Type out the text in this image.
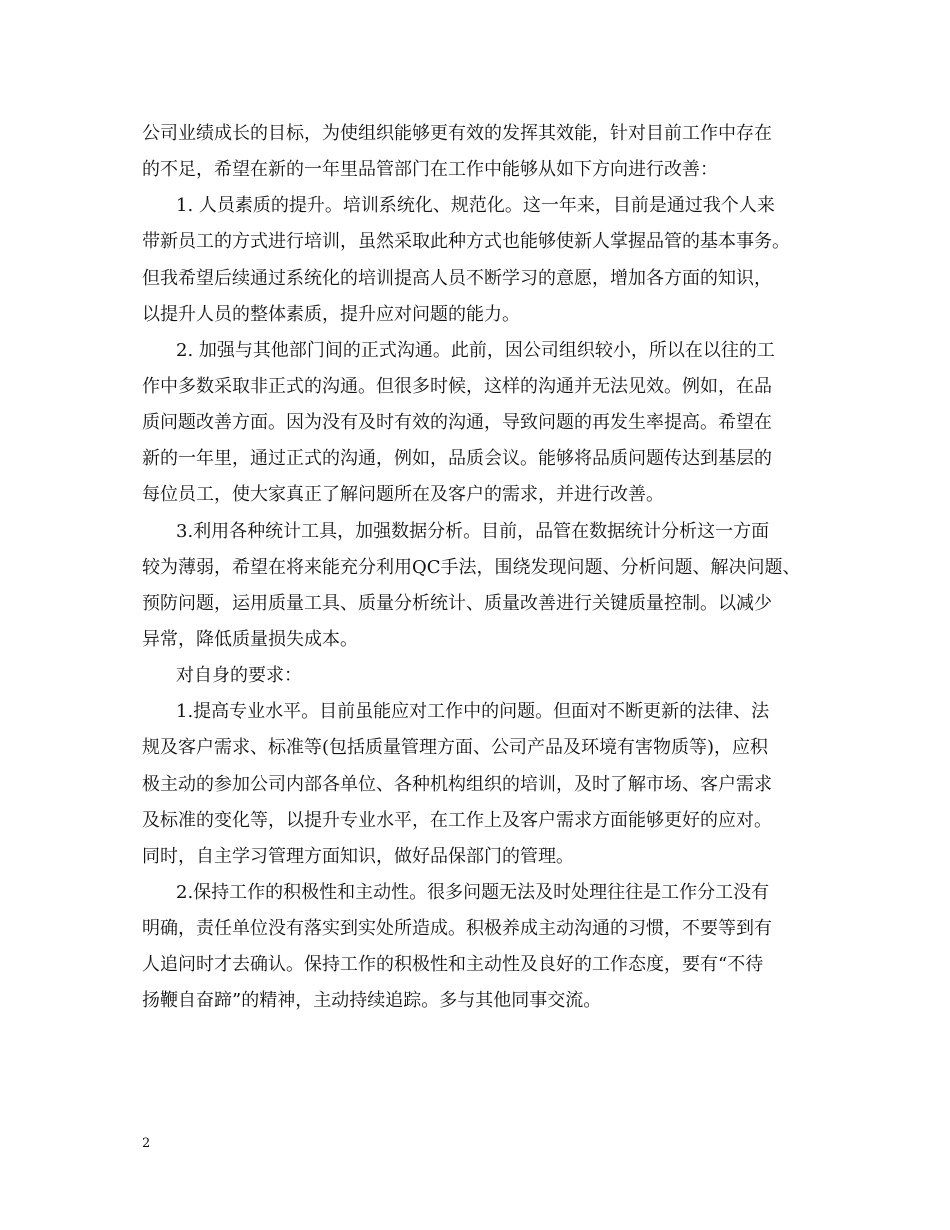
公司业绩成长的目标，为使组织能够更有效的发挥其效能，针对目前工作中存在
的不足，希望在新的一年里品管部门在工作中能够从如下方向进行改善：
1. 人员素质的提升。培训系统化、规范化。这一年来，目前是通过我个人来
带新员工的方式进行培训，虽然采取此种方式也能够使新人掌握品管的基本事务。
但我希望后续通过系统化的培训提高人员不断学习的意愿，增加各方面的知识，
以提升人员的整体素质，提升应对问题的能力。
2. 加强与其他部门间的正式沟通。此前，因公司组织较小，所以在以往的工
作中多数采取非正式的沟通。但很多时候，这样的沟通并无法见效。例如，在品
质问题改善方面。因为没有及时有效的沟通，导致问题的再发生率提高。希望在
新的一年里，通过正式的沟通，例如，品质会议。能够将品质问题传达到基层的
每位员工，使大家真正了解问题所在及客户的需求，并进行改善。
3.利用各种统计工具，加强数据分析。目前，品管在数据统计分析这一方面
较为薄弱，希望在将来能充分利用QC手法，围绕发现问题、分析问题、解决问题、
预防问题，运用质量工具、质量分析统计、质量改善进行关键质量控制。以减少
异常，降低质量损失成本。
对自身的要求：
1.提高专业水平。目前虽能应对工作中的问题。但面对不断更新的法律、法
规及客户需求、标准等(包括质量管理方面、公司产品及环境有害物质等)，应积
极主动的参加公司内部各单位、各种机构组织的培训，及时了解市场、客户需求
及标准的变化等，以提升专业水平，在工作上及客户需求方面能够更好的应对。
同时，自主学习管理方面知识，做好品保部门的管理。
2.保持工作的积极性和主动性。很多问题无法及时处理往往是工作分工没有
明确，责任单位没有落实到实处所造成。积极养成主动沟通的习惯，不要等到有
人追问时才去确认。保持工作的积极性和主动性及良好的工作态度，要有“不待
扬鞭自奋蹄”的精神，主动持续追踪。多与其他同事交流。
2
